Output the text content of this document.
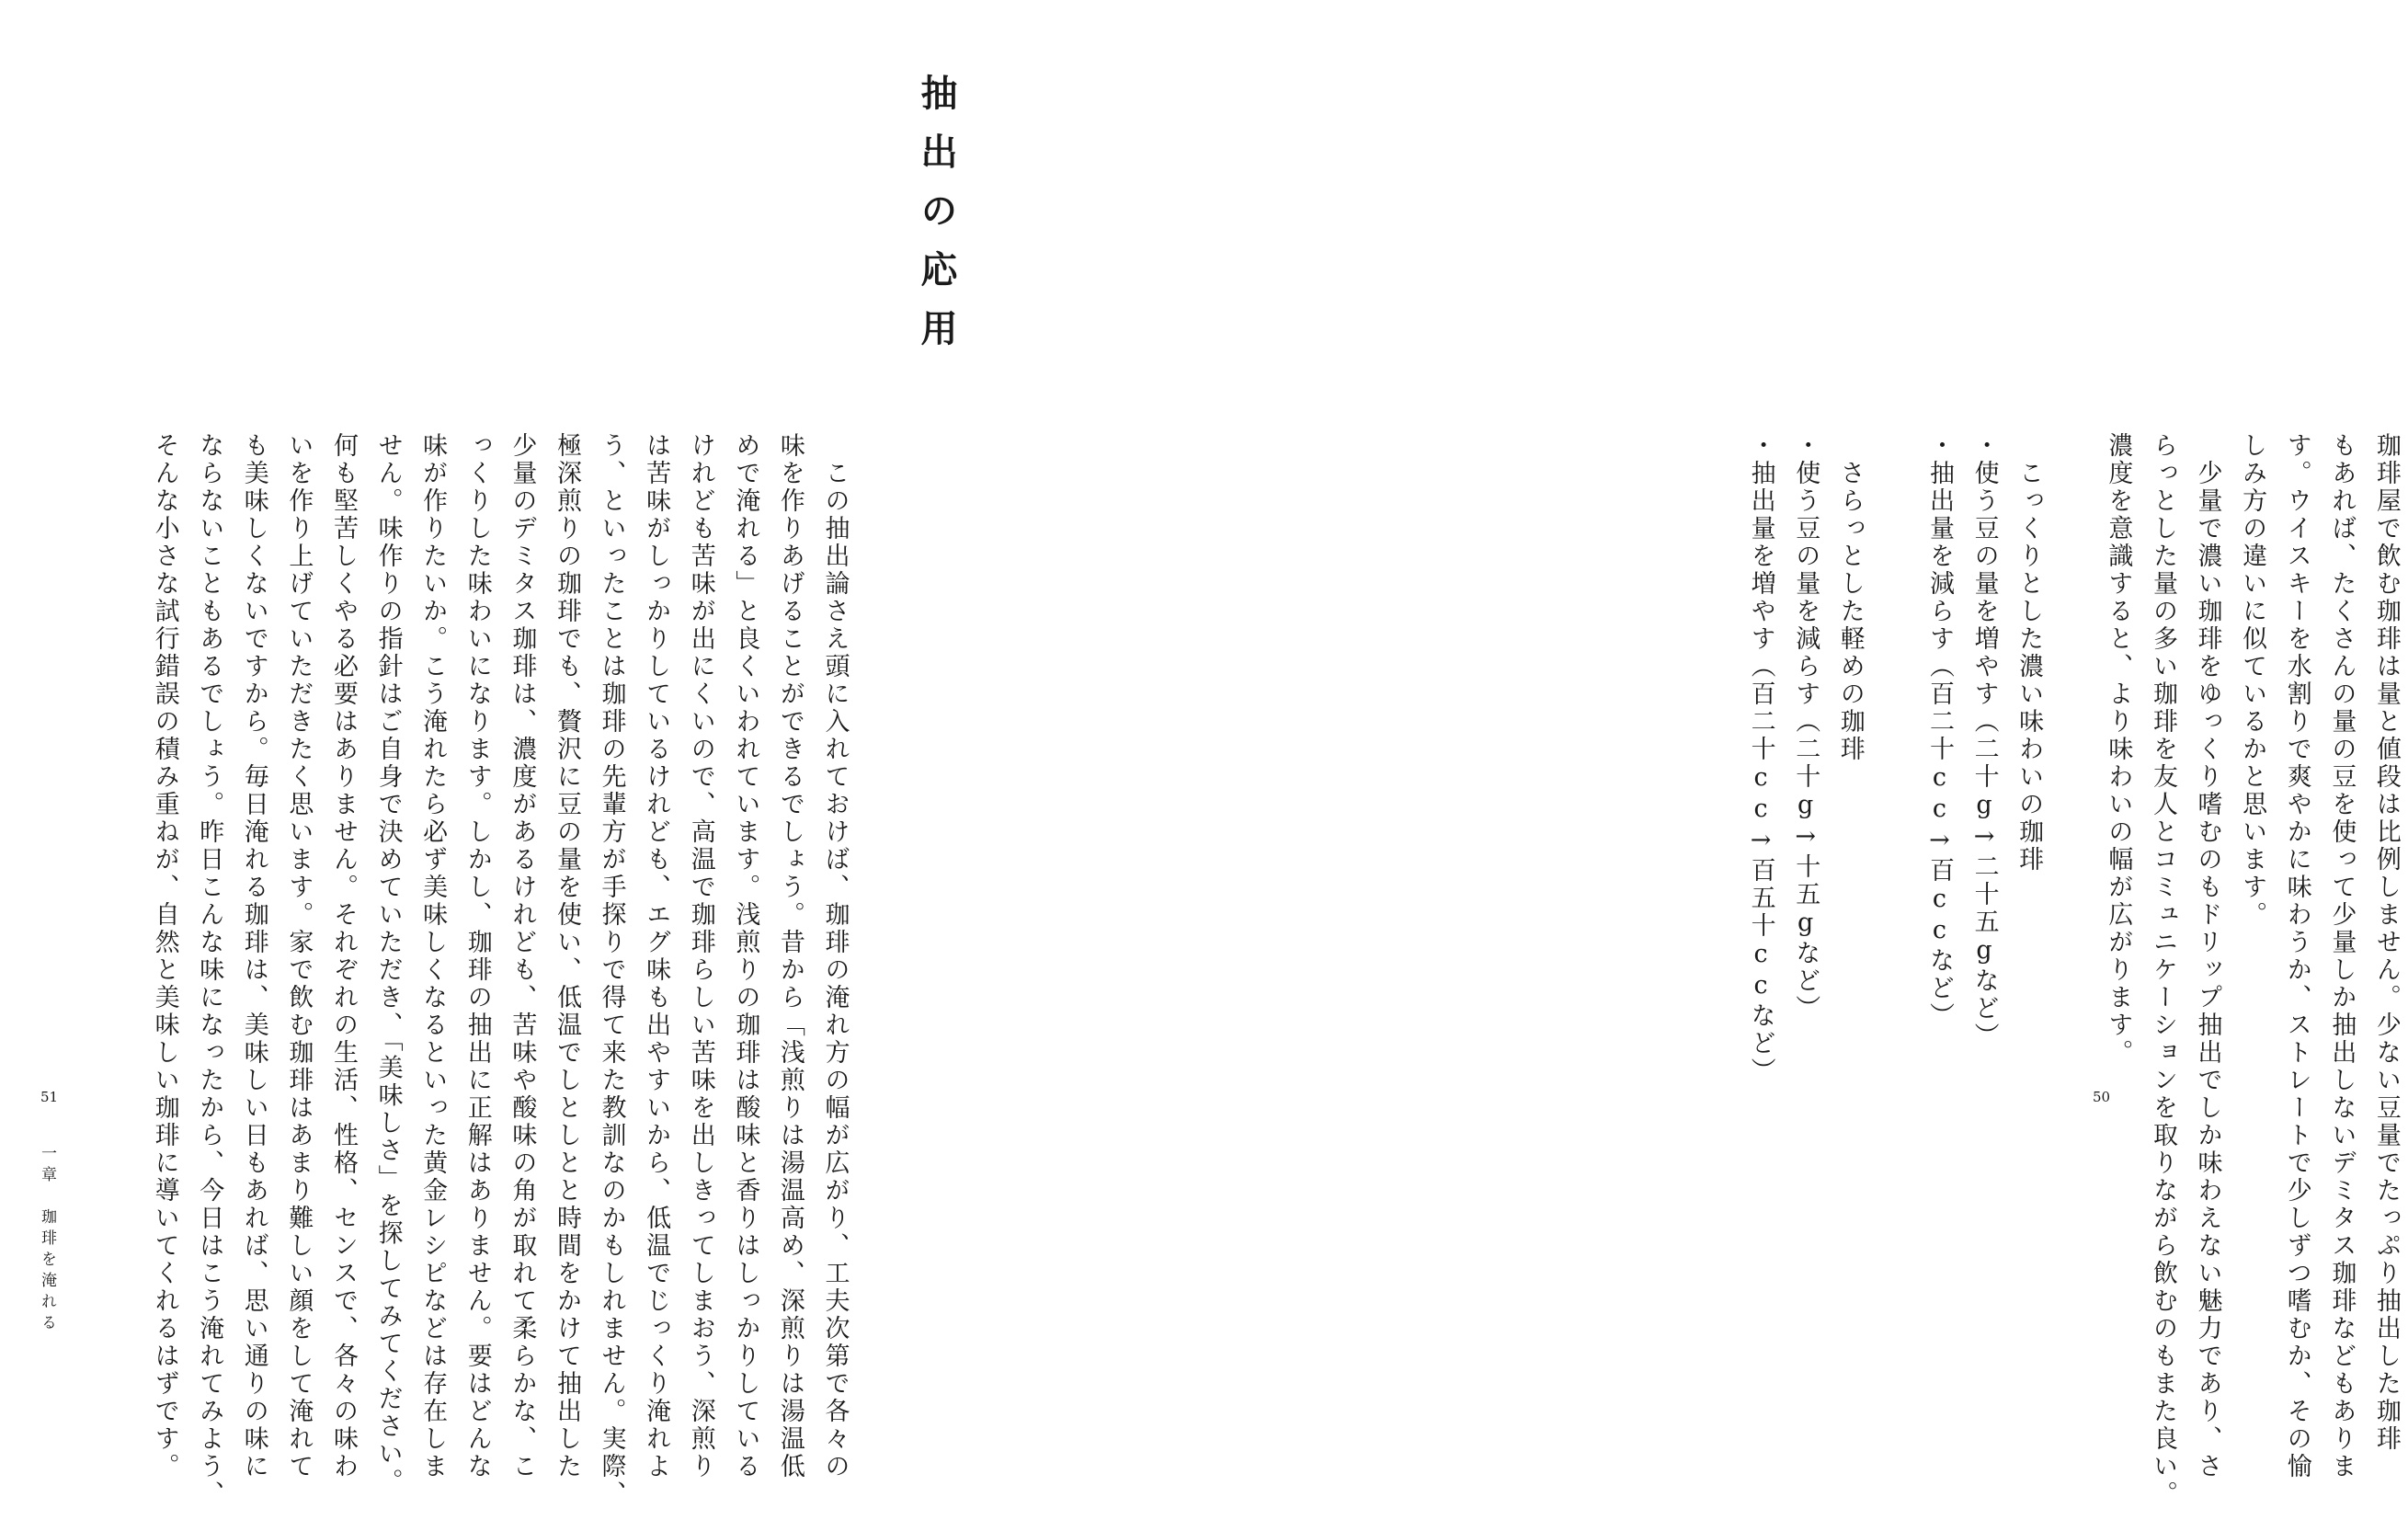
抽出の応用

珈琲屋で飲む珈琲は量と値段は比例しません。少ない豆量でたっぷり抽出した珈琲
もあれば、たくさんの量の豆を使って少量しか抽出しないデミタス珈琲などもありま
す。ウイスキーを水割りで爽やかに味わうか、ストレートで少しずつ嗜むか、その愉
しみ方の違いに似ているかと思います。
　少量で濃い珈琲をゆっくり嗜むのもドリップ抽出でしか味わえない魅力であり、さ
らっとした量の多い珈琲を友人とコミュニケーションを取りながら飲むのもまた良い。
濃度を意識すると、より味わいの幅が広がります。

　こっくりとした濃い味わいの珈琲
・使う豆の量を増やす（二十g→二十五gなど）
・抽出量を減らす（百二十cc→百ccなど）

　さらっとした軽めの珈琲
・使う豆の量を減らす（二十g→十五gなど）
・抽出量を増やす（百二十cc→百五十ccなど）

　この抽出論さえ頭に入れておけば、珈琲の淹れ方の幅が広がり、工夫次第で各々の
味を作りあげることができるでしょう。昔から「浅煎りは湯温高め、深煎りは湯温低
めで淹れる」と良くいわれています。浅煎りの珈琲は酸味と香りはしっかりしている
けれども苦味が出にくいので、高温で珈琲らしい苦味を出しきってしまおう、深煎り
は苦味がしっかりしているけれども、エグ味も出やすいから、低温でじっくり淹れよ
う、といったことは珈琲の先輩方が手探りで得て来た教訓なのかもしれません。実際、
極深煎りの珈琲でも、贅沢に豆の量を使い、低温でしとしとと時間をかけて抽出した
少量のデミタス珈琲は、濃度があるけれども、苦味や酸味の角が取れて柔らかな、こ
っくりした味わいになります。しかし、珈琲の抽出に正解はありません。要はどんな
味が作りたいか。こう淹れたら必ず美味しくなるといった黄金レシピなどは存在しま
せん。味作りの指針はご自身で決めていただき、「美味しさ」を探してみてください。
何も堅苦しくやる必要はありません。それぞれの生活、性格、センスで、各々の味わ
いを作り上げていただきたく思います。家で飲む珈琲はあまり難しい顔をして淹れて
も美味しくないですから。毎日淹れる珈琲は、美味しい日もあれば、思い通りの味に
ならないこともあるでしょう。昨日こんな味になったから、今日はこう淹れてみよう、
そんな小さな試行錯誤の積み重ねが、自然と美味しい珈琲に導いてくれるはずです。	50
51
一章　珈琲を淹れる
